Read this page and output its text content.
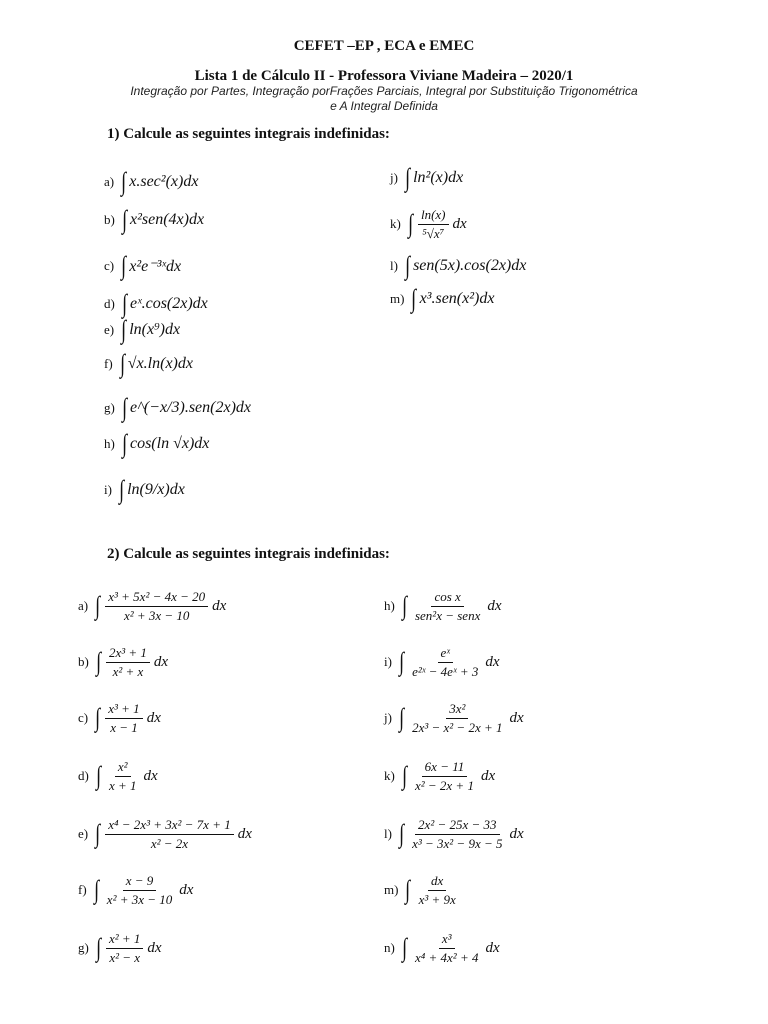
CEFET –EP , ECA e EMEC
Lista 1 de Cálculo II - Professora Viviane Madeira – 2020/1
Integração por Partes, Integração porFrações Parciais, Integral por Substituição Trigonométrica
e A Integral Definida
1) Calcule as seguintes integrais indefinidas:
a) ∫ x.sec²(x)dx
b) ∫ x²sen(4x)dx
c) ∫ x²e⁻³ˣdx
d) ∫ eˣ.cos(2x)dx
e) ∫ ln(x⁹)dx
f) ∫ √x.ln(x)dx
g) ∫ e^(−x/3).sen(2x)dx
h) ∫ cos(ln √x)dx
i) ∫ ln(9/x)dx
j) ∫ ln²(x)dx
k) ∫ $\frac{\ln(x)}{\text{⁵√x⁷}}$ dx
l) ∫ sen(5x).cos(2x)dx
m) ∫ x³.sen(x²)dx
2) Calcule as seguintes integrais indefinidas:
a) ∫ $\frac{\text{x³ + 5x² − 4x − 20}}{\text{x² + 3x − 10}}$ dx
b) ∫ $\frac{\text{2x³ + 1}}{\text{x² + x}}$ dx
c) ∫ $\frac{\text{x³ + 1}}{x - 1}$ dx
d) ∫ $\frac{\text{x²}}{x + 1}$ dx
e) ∫ $\frac{\text{x⁴ − 2x³ + 3x² − 7x + 1}}{\text{x² − 2x}}$ dx
f) ∫ $\frac{x - 9}{\text{x² + 3x − 10}}$ dx
g) ∫ $\frac{\text{x² + 1}}{\text{x² − x}}$ dx
h) ∫ $\frac{\text{cos x}}{\text{sen²x − senx}}$ dx
i) ∫ $\frac{\text{eˣ}}{\text{e²ˣ − 4eˣ + 3}}$ dx
j) ∫ $\frac{\text{3x²}}{\text{2x³ − x² − 2x + 1}}$ dx
k) ∫ $\frac{6x - 11}{\text{x² − 2x + 1}}$ dx
l) ∫ $\frac{\text{2x² − 25x − 33}}{\text{x³ − 3x² − 9x − 5}}$ dx
m) ∫ $\frac{dx}{\text{x³ + 9x}}$
n) ∫ $\frac{\text{x³}}{\text{x⁴ + 4x² + 4}}$ dx
